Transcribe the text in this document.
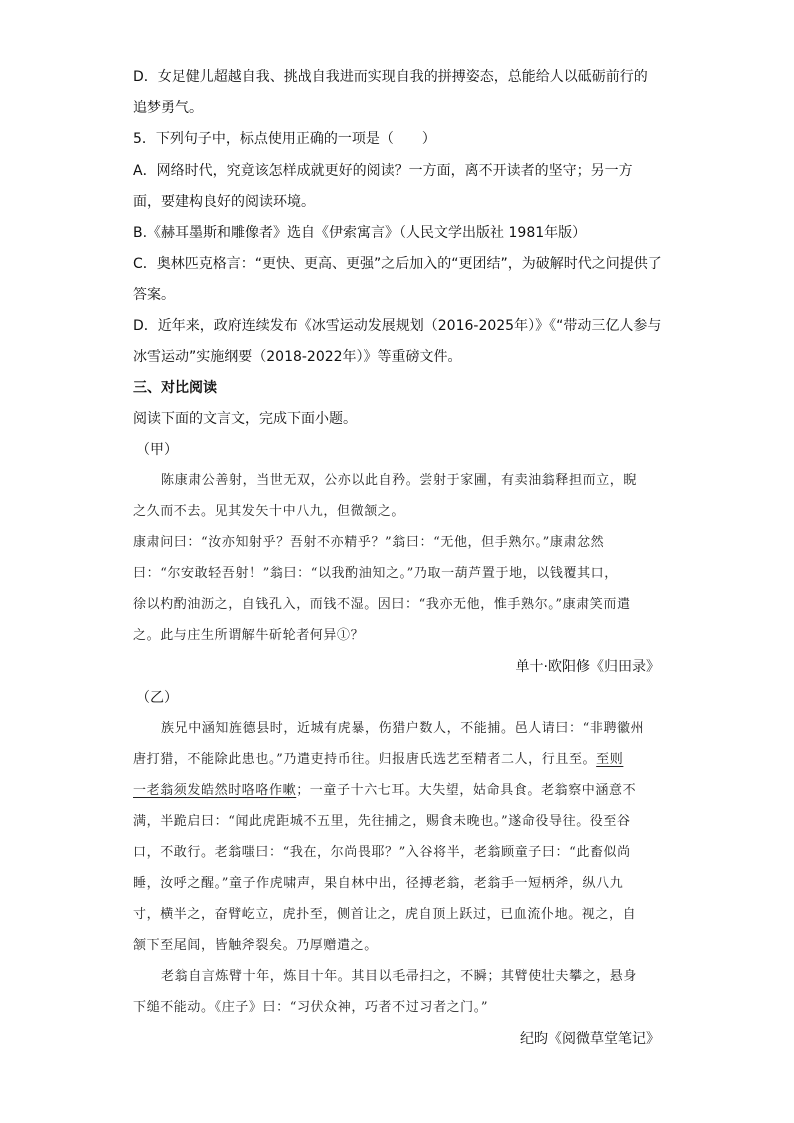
D．女足健儿超越自我、挑战自我进而实现自我的拼搏姿态，总能给人以砥砺前行的
追梦勇气。
5．下列句子中，标点使用正确的一项是（　　）
A．网络时代，究竟该怎样成就更好的阅读？一方面，离不开读者的坚守；另一方
面，要建构良好的阅读环境。
B.《赫耳墨斯和雕像者》选自《伊索寓言》（人民文学出版社 1981年版）
C．奥林匹克格言：“更快、更高、更强”之后加入的“更团结”，为破解时代之问提供了
答案。
D．近年来，政府连续发布《冰雪运动发展规划（2016-2025年）》《“带动三亿人参与
冰雪运动”实施纲要（2018-2022年）》等重磅文件。
三、对比阅读
阅读下面的文言文，完成下面小题。
（甲）
陈康肃公善射，当世无双，公亦以此自矜。尝射于家圃，有卖油翁释担而立，睨
之久而不去。见其发矢十中八九，但微颔之。
康肃问曰：“汝亦知射乎？吾射不亦精乎？”翁曰：“无他，但手熟尔。”康肃忿然
曰：“尔安敢轻吾射！”翁曰：“以我酌油知之。”乃取一葫芦置于地，以钱覆其口，
徐以杓酌油沥之，自钱孔入，而钱不湿。因曰：“我亦无他，惟手熟尔。”康肃笑而遣
之。此与庄生所谓解牛斫轮者何异①？
单十·欧阳修《归田录》
（乙）
族兄中涵知旌德县时，近城有虎暴，伤猎户数人，不能捕。邑人请曰：“非聘徽州
唐打猎，不能除此患也。”乃遣吏持币往。归报唐氏选艺至精者二人，行且至。至则
一老翁须发皓然时咯咯作嗽；一童子十六七耳。大失望，姑命具食。老翁察中涵意不
满，半跪启曰：“闻此虎距城不五里，先往捕之，赐食未晚也。”遂命役导往。役至谷
口，不敢行。老翁嗤曰：“我在，尔尚畏耶？”入谷将半，老翁顾童子曰：“此畜似尚
睡，汝呼之醒。”童子作虎啸声，果自林中出，径搏老翁，老翁手一短柄斧，纵八九
寸，横半之，奋臂屹立，虎扑至，侧首让之，虎自顶上跃过，已血流仆地。视之，自
颔下至尾闾，皆触斧裂矣。乃厚赠遣之。
老翁自言炼臂十年，炼目十年。其目以毛帚扫之，不瞬；其臂使壮夫攀之，悬身
下缒不能动。《庄子》曰：“习伏众神，巧者不过习者之门。”
纪昀《阅微草堂笔记》
